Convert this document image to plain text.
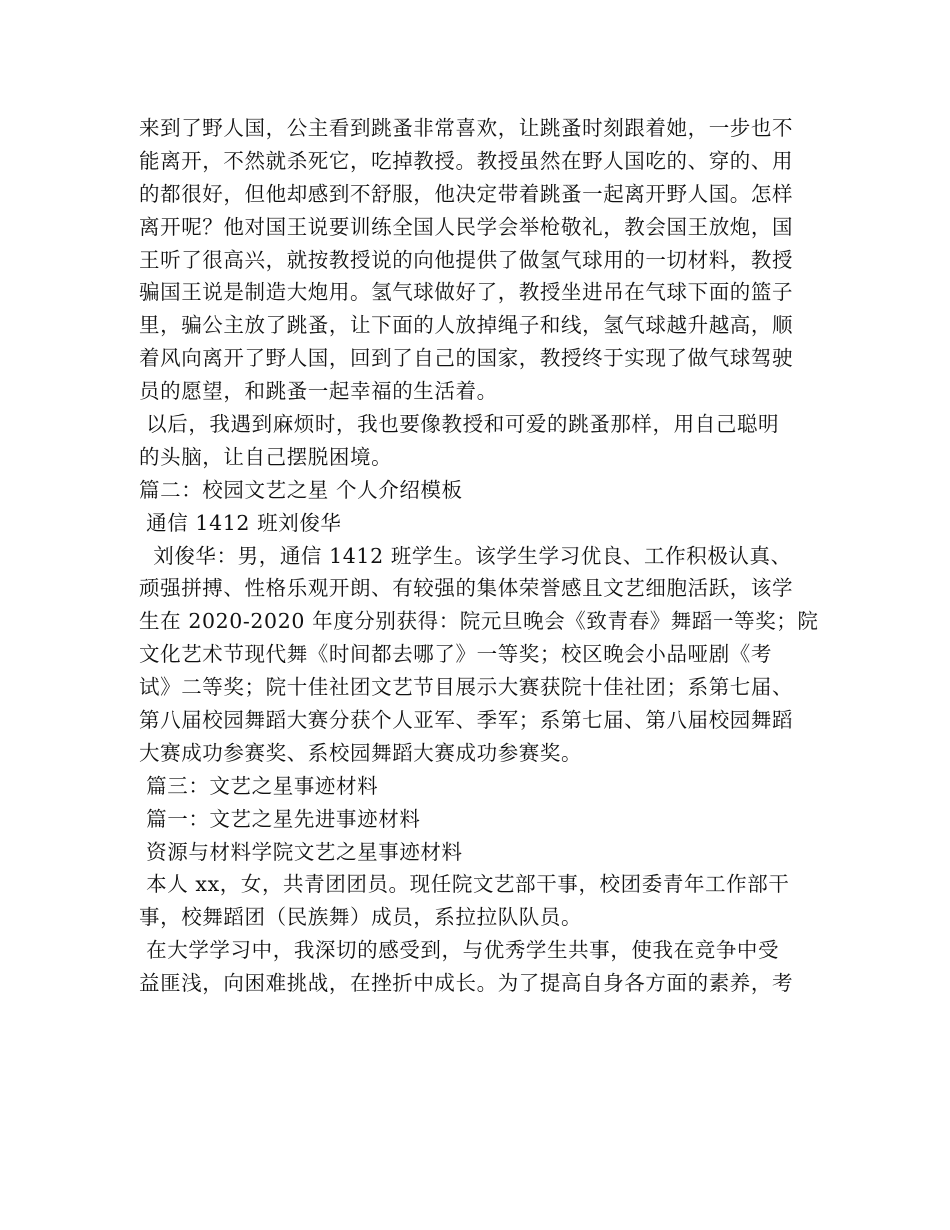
来到了野人国，公主看到跳蚤非常喜欢，让跳蚤时刻跟着她，一步也不
能离开，不然就杀死它，吃掉教授。教授虽然在野人国吃的、穿的、用
的都很好，但他却感到不舒服，他决定带着跳蚤一起离开野人国。怎样
离开呢？他对国王说要训练全国人民学会举枪敬礼，教会国王放炮，国
王听了很高兴，就按教授说的向他提供了做氢气球用的一切材料，教授
骗国王说是制造大炮用。氢气球做好了，教授坐进吊在气球下面的篮子
里，骗公主放了跳蚤，让下面的人放掉绳子和线，氢气球越升越高，顺
着风向离开了野人国，回到了自己的国家，教授终于实现了做气球驾驶
员的愿望，和跳蚤一起幸福的生活着。
以后，我遇到麻烦时，我也要像教授和可爱的跳蚤那样，用自己聪明
的头脑，让自己摆脱困境。
篇二：校园文艺之星 个人介绍模板
通信 1412 班刘俊华
刘俊华：男，通信 1412 班学生。该学生学习优良、工作积极认真、
顽强拼搏、性格乐观开朗、有较强的集体荣誉感且文艺细胞活跃，该学
生在 2020-2020 年度分别获得：院元旦晚会《致青春》舞蹈一等奖；院
文化艺术节现代舞《时间都去哪了》一等奖；校区晚会小品哑剧《考
试》二等奖；院十佳社团文艺节目展示大赛获院十佳社团；系第七届、
第八届校园舞蹈大赛分获个人亚军、季军；系第七届、第八届校园舞蹈
大赛成功参赛奖、系校园舞蹈大赛成功参赛奖。
篇三：文艺之星事迹材料
篇一：文艺之星先进事迹材料
资源与材料学院文艺之星事迹材料
本人 xx，女，共青团团员。现任院文艺部干事，校团委青年工作部干
事，校舞蹈团（民族舞）成员，系拉拉队队员。
在大学学习中，我深切的感受到，与优秀学生共事，使我在竞争中受
益匪浅，向困难挑战，在挫折中成长。为了提高自身各方面的素养，考
